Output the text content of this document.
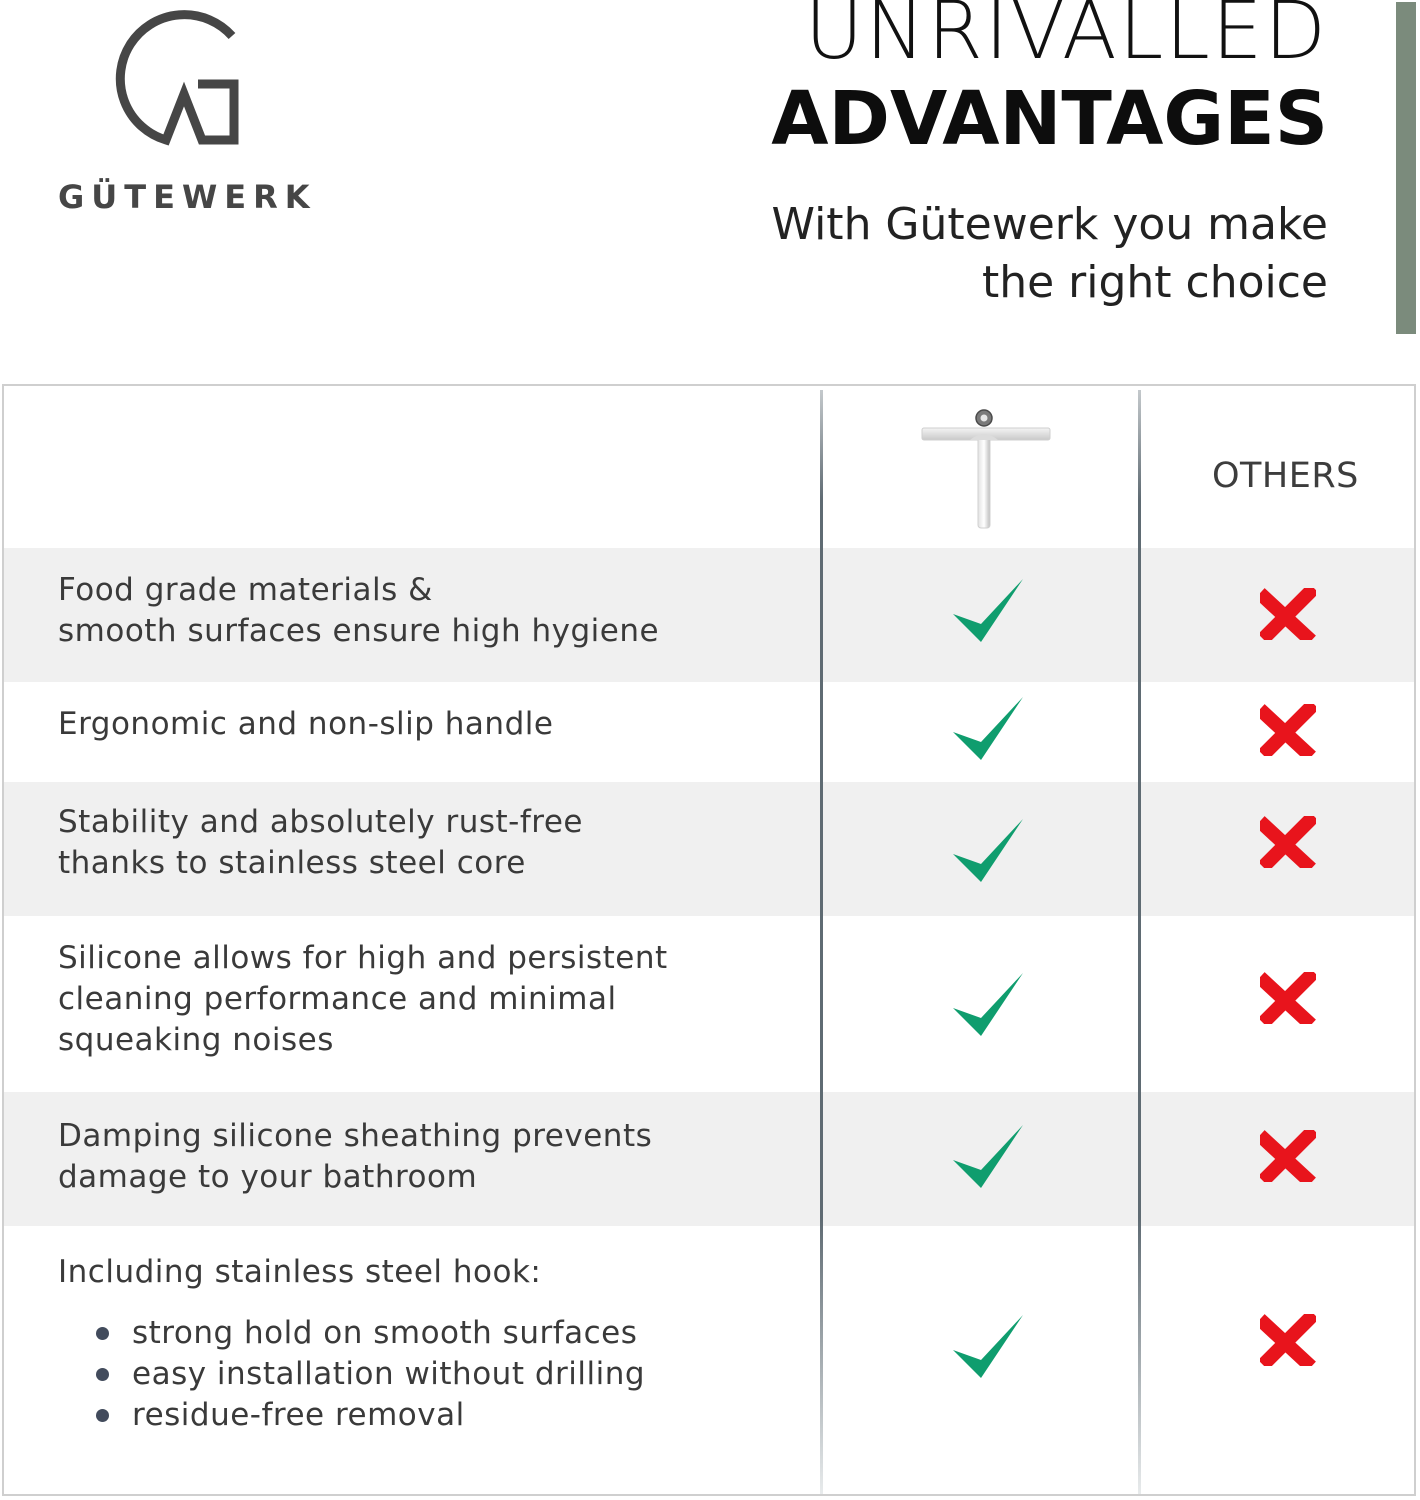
GÜTEWERK
UNRIVALLED
ADVANTAGES
With Gütewerk you make
the right choice
OTHERS
Food grade materials &
smooth surfaces ensure high hygiene
Ergonomic and non-slip handle
Stability and absolutely rust-free
thanks to stainless steel core
Silicone allows for high and persistent
cleaning performance and minimal
squeaking noises
Damping silicone sheathing prevents
damage to your bathroom
Including stainless steel hook:
strong hold on smooth surfaces
easy installation without drilling
residue-free removal
